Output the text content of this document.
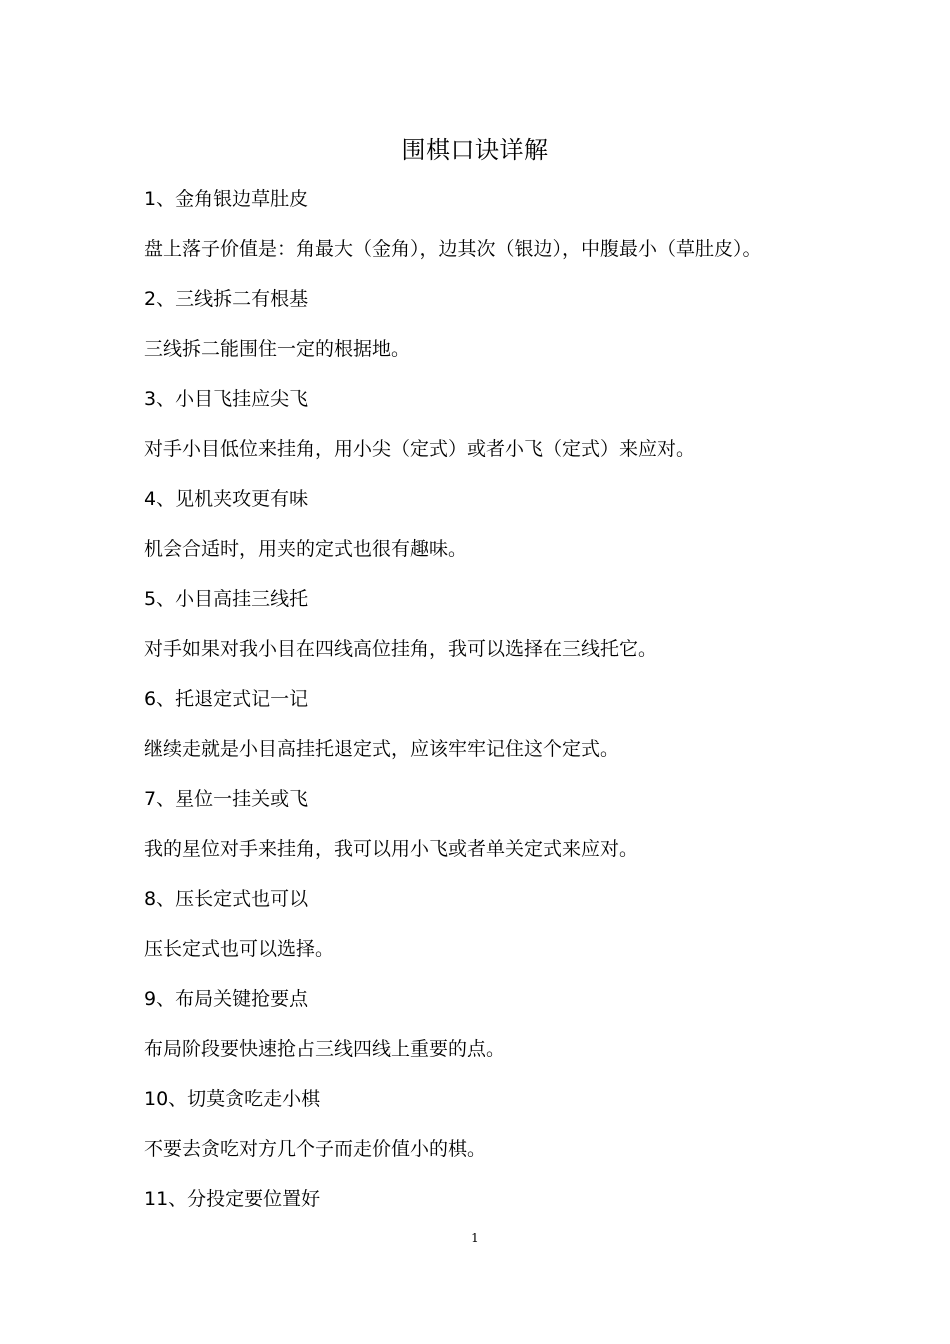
围棋口诀详解
1、金角银边草肚皮
盘上落子价值是：角最大（金角），边其次（银边），中腹最小（草肚皮）。
2、三线拆二有根基
三线拆二能围住一定的根据地。
3、小目飞挂应尖飞
对手小目低位来挂角，用小尖（定式）或者小飞（定式）来应对。
4、见机夹攻更有味
机会合适时，用夹的定式也很有趣味。
5、小目高挂三线托
对手如果对我小目在四线高位挂角，我可以选择在三线托它。
6、托退定式记一记
继续走就是小目高挂托退定式，应该牢牢记住这个定式。
7、星位一挂关或飞
我的星位对手来挂角，我可以用小飞或者单关定式来应对。
8、压长定式也可以
压长定式也可以选择。
9、布局关键抢要点
布局阶段要快速抢占三线四线上重要的点。
10、切莫贪吃走小棋
不要去贪吃对方几个子而走价值小的棋。
11、分投定要位置好
1
